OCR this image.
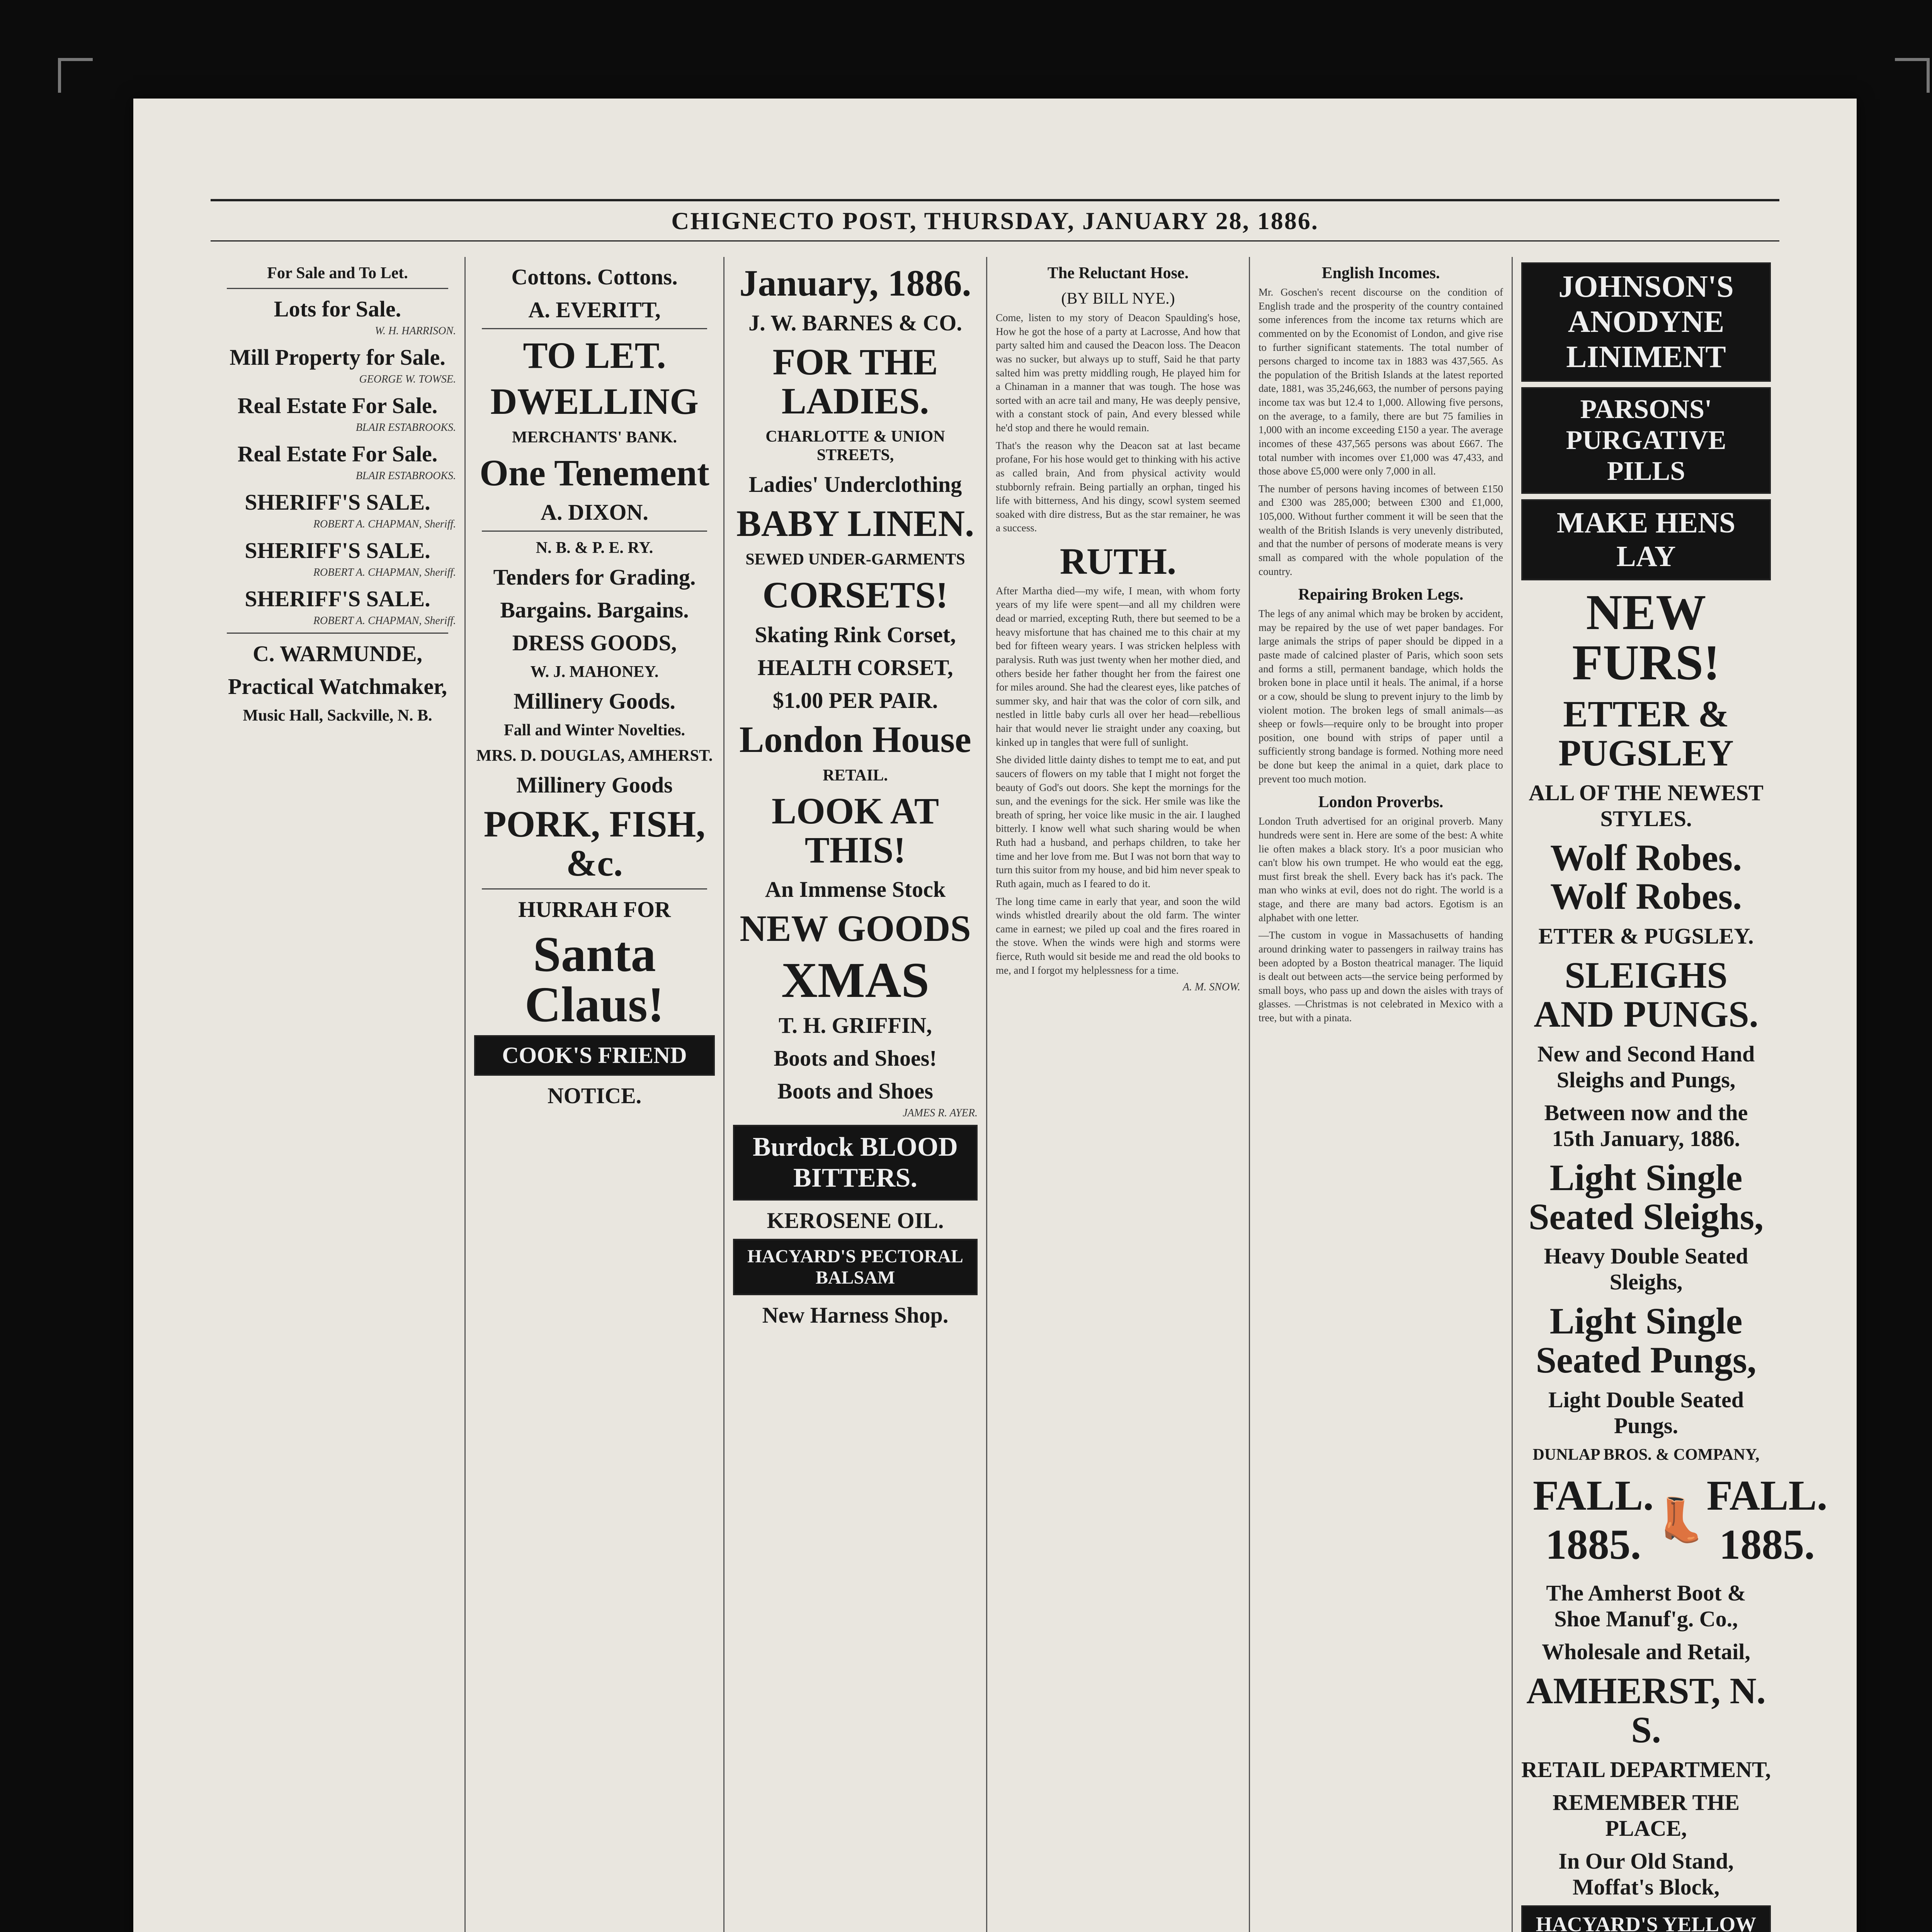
CHIGNECTO POST, THURSDAY, JANUARY 28, 1886.
For Sale and To Let.
Lots for Sale.
W. H. HARRISON.
Mill Property for Sale.
GEORGE W. TOWSE.
Real Estate For Sale.
BLAIR ESTABROOKS.
Real Estate For Sale.
BLAIR ESTABROOKS.
SHERIFF'S SALE.
ROBERT A. CHAPMAN, Sheriff.
SHERIFF'S SALE.
ROBERT A. CHAPMAN, Sheriff.
SHERIFF'S SALE.
ROBERT A. CHAPMAN, Sheriff.
C. WARMUNDE,
Practical Watchmaker,
Music Hall, Sackville, N. B.
Cottons. Cottons.
A. EVERITT,
TO LET.
DWELLING
MERCHANTS' BANK.
One Tenement
A. DIXON.
N. B. & P. E. RY.
Tenders for Grading.
Bargains. Bargains.
DRESS GOODS,
W. J. MAHONEY.
Millinery Goods.
Fall and Winter Novelties.
MRS. D. DOUGLAS, AMHERST.
Millinery Goods
PORK, FISH, &c.
HURRAH FOR
Santa Claus!
COOK'S FRIEND
NOTICE.
January, 1886.
J. W. BARNES & CO.
FOR THE LADIES.
CHARLOTTE & UNION STREETS,
Ladies' Underclothing
BABY LINEN.
SEWED UNDER-GARMENTS
CORSETS!
Skating Rink Corset,
HEALTH CORSET,
$1.00 PER PAIR.
London House
RETAIL.
LOOK AT THIS!
An Immense Stock
NEW GOODS
XMAS
T. H. GRIFFIN,
Boots and Shoes!
Boots and Shoes
JAMES R. AYER.
Burdock BLOOD BITTERS.
KEROSENE OIL.
HACYARD'S PECTORAL BALSAM
New Harness Shop.
The Reluctant Hose.
(BY BILL NYE.)
Come, listen to my story of Deacon Spaulding's hose, How he got the hose of a party at Lacrosse, And how that party salted him and caused the Deacon loss. The Deacon was no sucker, but always up to stuff, Said he that party salted him was pretty middling rough, He played him for a Chinaman in a manner that was tough. The hose was sorted with an acre tail and many, He was deeply pensive, with a constant stock of pain, And every blessed while he'd stop and there he would remain.
That's the reason why the Deacon sat at last became profane, For his hose would get to thinking with his active as called brain, And from physical activity would stubbornly refrain. Being partially an orphan, tinged his life with bitterness, And his dingy, scowl system seemed soaked with dire distress, But as the star remainer, he was a success.
RUTH.
After Martha died—my wife, I mean, with whom forty years of my life were spent—and all my children were dead or married, excepting Ruth, there but seemed to be a heavy misfortune that has chained me to this chair at my bed for fifteen weary years. I was stricken helpless with paralysis. Ruth was just twenty when her mother died, and others beside her father thought her from the fairest one for miles around. She had the clearest eyes, like patches of summer sky, and hair that was the color of corn silk, and nestled in little baby curls all over her head—rebellious hair that would never lie straight under any coaxing, but kinked up in tangles that were full of sunlight.
She divided little dainty dishes to tempt me to eat, and put saucers of flowers on my table that I might not forget the beauty of God's out doors. She kept the mornings for the sun, and the evenings for the sick. Her smile was like the breath of spring, her voice like music in the air. I laughed bitterly. I know well what such sharing would be when Ruth had a husband, and perhaps children, to take her time and her love from me. But I was not born that way to turn this suitor from my house, and bid him never speak to Ruth again, much as I feared to do it.
The long time came in early that year, and soon the wild winds whistled drearily about the old farm. The winter came in earnest; we piled up coal and the fires roared in the stove. When the winds were high and storms were fierce, Ruth would sit beside me and read the old books to me, and I forgot my helplessness for a time.
A. M. SNOW.
English Incomes.
Mr. Goschen's recent discourse on the condition of English trade and the prosperity of the country contained some inferences from the income tax returns which are commented on by the Economist of London, and give rise to further significant statements. The total number of persons charged to income tax in 1883 was 437,565. As the population of the British Islands at the latest reported date, 1881, was 35,246,663, the number of persons paying income tax was but 12.4 to 1,000. Allowing five persons, on the average, to a family, there are but 75 families in 1,000 with an income exceeding £150 a year. The average incomes of these 437,565 persons was about £667. The total number with incomes over £1,000 was 47,433, and those above £5,000 were only 7,000 in all.
The number of persons having incomes of between £150 and £300 was 285,000; between £300 and £1,000, 105,000. Without further comment it will be seen that the wealth of the British Islands is very unevenly distributed, and that the number of persons of moderate means is very small as compared with the whole population of the country.
Repairing Broken Legs.
The legs of any animal which may be broken by accident, may be repaired by the use of wet paper bandages. For large animals the strips of paper should be dipped in a paste made of calcined plaster of Paris, which soon sets and forms a still, permanent bandage, which holds the broken bone in place until it heals. The animal, if a horse or a cow, should be slung to prevent injury to the limb by violent motion. The broken legs of small animals—as sheep or fowls—require only to be brought into proper position, one bound with strips of paper until a sufficiently strong bandage is formed. Nothing more need be done but keep the animal in a quiet, dark place to prevent too much motion.
London Proverbs.
London Truth advertised for an original proverb. Many hundreds were sent in. Here are some of the best: A white lie often makes a black story. It's a poor musician who can't blow his own trumpet. He who would eat the egg, must first break the shell. Every back has it's pack. The man who winks at evil, does not do right. The world is a stage, and there are many bad actors. Egotism is an alphabet with one letter.
—The custom in vogue in Massachusetts of handing around drinking water to passengers in railway trains has been adopted by a Boston theatrical manager. The liquid is dealt out between acts—the service being performed by small boys, who pass up and down the aisles with trays of glasses. —Christmas is not celebrated in Mexico with a tree, but with a pinata.
JOHNSON'S ANODYNE LINIMENT
PARSONS' PURGATIVE PILLS
MAKE HENS LAY
NEW FURS!
ETTER & PUGSLEY
ALL OF THE NEWEST STYLES.
Wolf Robes. Wolf Robes.
ETTER & PUGSLEY.
SLEIGHS AND PUNGS.
New and Second Hand Sleighs and Pungs,
Between now and the 15th January, 1886.
Light Single Seated Sleighs,
Heavy Double Seated Sleighs,
Light Single Seated Pungs,
Light Double Seated Pungs.
DUNLAP BROS. & COMPANY,
FALL.
1885.
👢
FALL.
1885.
The Amherst Boot & Shoe Manuf'g. Co.,
Wholesale and Retail,
AMHERST, N. S.
RETAIL DEPARTMENT,
REMEMBER THE PLACE,
In Our Old Stand, Moffat's Block,
HACYARD'S YELLOW
